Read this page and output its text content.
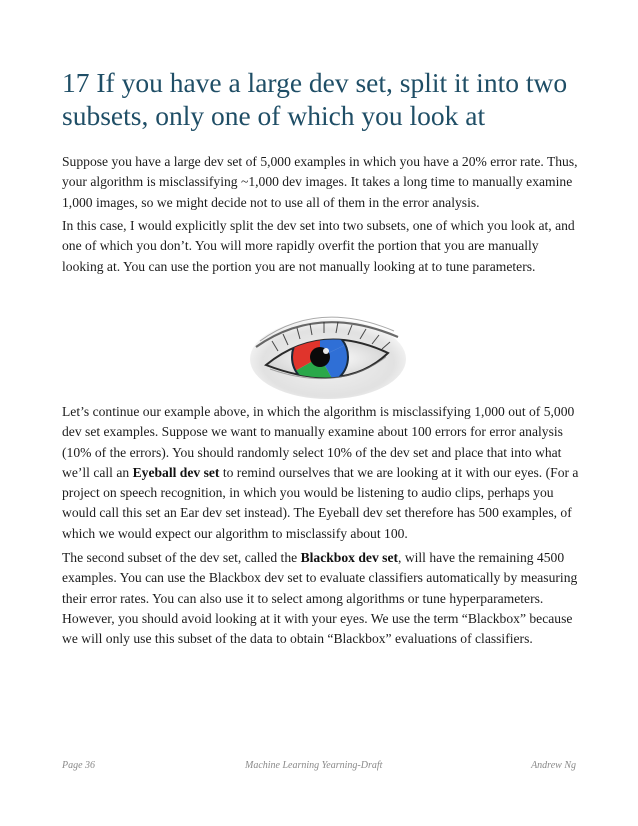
17 If you have a large dev set, split it into two subsets, only one of which you look at

Suppose you have a large dev set of 5,000 examples in which you have a 20% error rate. Thus, your algorithm is misclassifying ~1,000 dev images. It takes a long time to manually examine 1,000 images, so we might decide not to use all of them in the error analysis.

In this case, I would explicitly split the dev set into two subsets, one of which you look at, and one of which you don’t. You will more rapidly overfit the portion that you are manually looking at. You can use the portion you are not manually looking at to tune parameters.

Let’s continue our example above, in which the algorithm is misclassifying 1,000 out of 5,000 dev set examples. Suppose we want to manually examine about 100 errors for error analysis (10% of the errors). You should randomly select 10% of the dev set and place that into what we’ll call an Eyeball dev set to remind ourselves that we are looking at it with our eyes. (For a project on speech recognition, in which you would be listening to audio clips, perhaps you would call this set an Ear dev set instead). The Eyeball dev set therefore has 500 examples, of which we would expect our algorithm to misclassify about 100.

The second subset of the dev set, called the Blackbox dev set, will have the remaining 4500 examples. You can use the Blackbox dev set to evaluate classifiers automatically by measuring their error rates. You can also use it to select among algorithms or tune hyperparameters. However, you should avoid looking at it with your eyes. We use the term “Blackbox” because we will only use this subset of the data to obtain “Blackbox” evaluations of classifiers.

Page 36	Machine Learning Yearning-Draft	Andrew Ng
